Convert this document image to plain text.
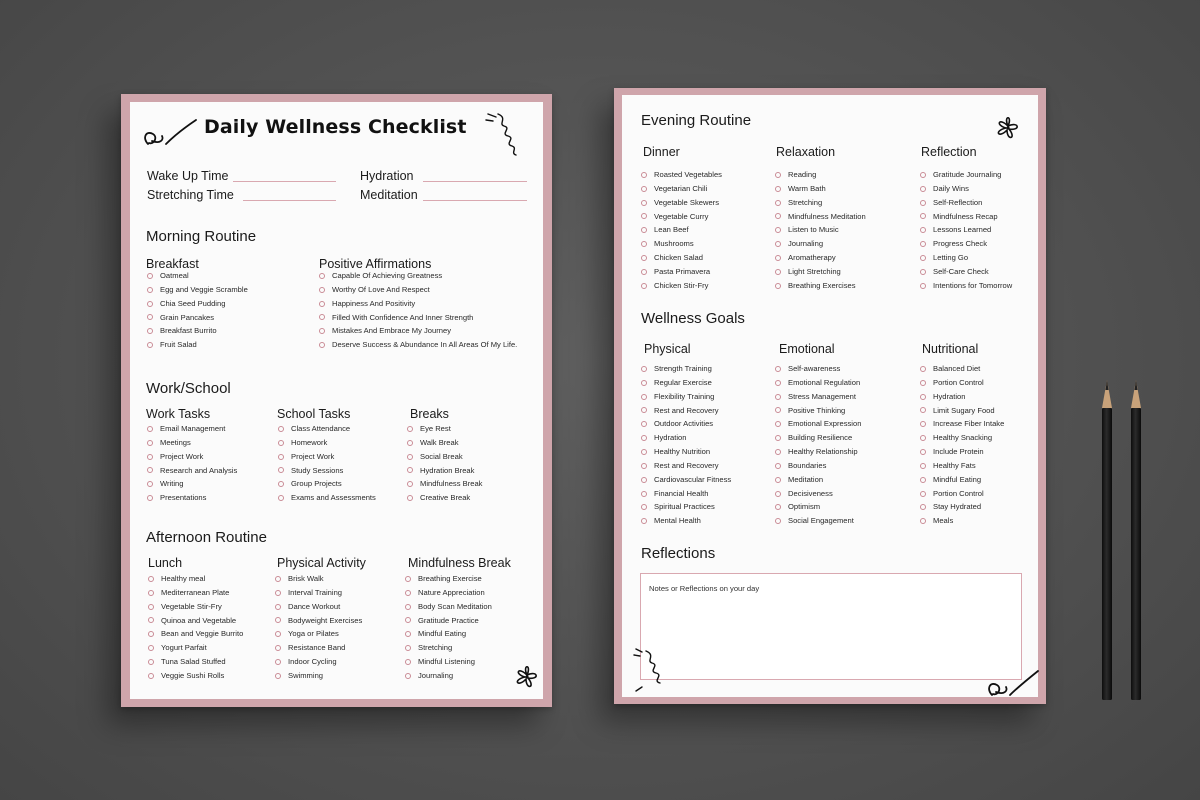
Daily Wellness Checklist
Wake Up Time
Stretching Time
Hydration
Meditation
Morning Routine
Breakfast
Oatmeal
Egg and Veggie Scramble
Chia Seed Pudding
Grain Pancakes
Breakfast Burrito
Fruit Salad
Positive Affirmations
Capable Of Achieving Greatness
Worthy Of Love And Respect
Happiness And Positivity
Filled With Confidence And Inner Strength
Mistakes And Embrace My Journey
Deserve Success & Abundance In All Areas Of My Life.
Work/School
Work Tasks
Email Management
Meetings
Project Work
Research and Analysis
Writing
Presentations
School Tasks
Class Attendance
Homework
Project Work
Study Sessions
Group Projects
Exams and Assessments
Breaks
Eye Rest
Walk Break
Social Break
Hydration Break
Mindfulness Break
Creative Break
Afternoon Routine
Lunch
Healthy meal
Mediterranean Plate
Vegetable Stir-Fry
Quinoa and Vegetable
Bean and Veggie Burrito
Yogurt Parfait
Tuna Salad Stuffed
Veggie Sushi Rolls
Physical Activity
Brisk Walk
Interval Training
Dance Workout
Bodyweight Exercises
Yoga or Pilates
Resistance Band
Indoor Cycling
Swimming
Mindfulness Break
Breathing Exercise
Nature Appreciation
Body Scan Meditation
Gratitude Practice
Mindful Eating
Stretching
Mindful Listening
Journaling
Evening Routine
Dinner
Roasted Vegetables
Vegetarian Chili
Vegetable Skewers
Vegetable Curry
Lean Beef
Mushrooms
Chicken Salad
Pasta Primavera
Chicken Stir-Fry
Relaxation
Reading
Warm Bath
Stretching
Mindfulness Meditation
Listen to Music
Journaling
Aromatherapy
Light Stretching
Breathing Exercises
Reflection
Gratitude Journaling
Daily Wins
Self-Reflection
Mindfulness Recap
Lessons Learned
Progress Check
Letting Go
Self-Care Check
Intentions for Tomorrow
Wellness Goals
Physical
Strength Training
Regular Exercise
Flexibility Training
Rest and Recovery
Outdoor Activities
Hydration
Healthy Nutrition
Rest and Recovery
Cardiovascular Fitness
Financial Health
Spiritual Practices
Mental Health
Emotional
Self-awareness
Emotional Regulation
Stress Management
Positive Thinking
Emotional Expression
Building Resilience
Healthy Relationship
Boundaries
Meditation
Decisiveness
Optimism
Social Engagement
Nutritional
Balanced Diet
Portion Control
Hydration
Limit Sugary Food
Increase Fiber Intake
Healthy Snacking
Include Protein
Healthy Fats
Mindful Eating
Portion Control
Stay Hydrated
Meals
Reflections
Notes or Reflections on your day
